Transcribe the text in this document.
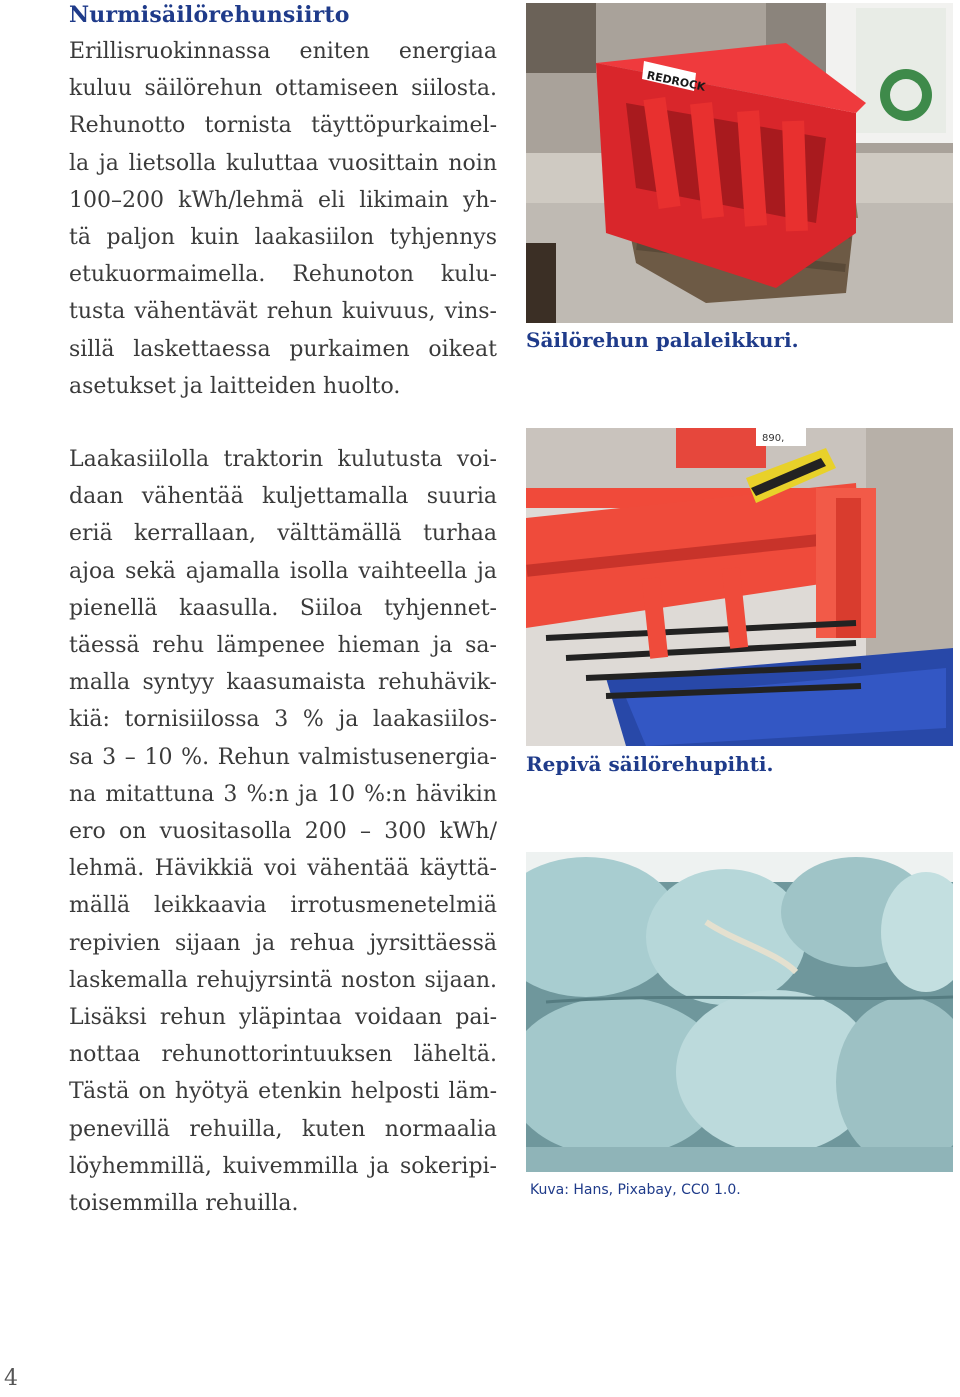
Nurmisäilörehunsiirto

Erillisruokinnassa eniten energiaa
kuluu säilörehun ottamiseen siilosta.
Rehunotto tornista täyttöpurkaimel-
la ja lietsolla kuluttaa vuosittain noin
100–200 kWh/lehmä eli likimain yh-
tä paljon kuin laakasiilon tyhjennys
etukuormaimella. Rehunoton kulu-
tusta vähentävät rehun kuivuus, vins-
sillä laskettaessa purkaimen oikeat
asetukset ja laitteiden huolto.

Laakasiilolla traktorin kulutusta voi-
daan vähentää kuljettamalla suuria
eriä kerrallaan, välttämällä turhaa
ajoa sekä ajamalla isolla vaihteella ja
pienellä kaasulla. Siiloa tyhjennet-
täessä rehu lämpenee hieman ja sa-
malla syntyy kaasumaista rehuhävik-
kiä: tornisiilossa 3 % ja laakasiilos-
sa 3 – 10 %. Rehun valmistusenergia-
na mitattuna 3 %:n ja 10 %:n hävikin
ero on vuositasolla 200 – 300 kWh/
lehmä. Hävikkiä voi vähentää käyttä-
mällä leikkaavia irrotusmenetelmiä
repivien sijaan ja rehua jyrsittäessä
laskemalla rehujyrsintä noston sijaan.
Lisäksi rehun yläpintaa voidaan pai-
nottaa rehunottorintuuksen läheltä.
Tästä on hyötyä etenkin helposti läm-
penevillä rehuilla, kuten normaalia
löyhemmillä, kuivemmilla ja sokeripi-
toisemmilla rehuilla.

REDROCK
Säilörehun palaleikkuri.
890,
Repivä säilörehupihti.
Kuva: Hans, Pixabay, CC0 1.0.
4
